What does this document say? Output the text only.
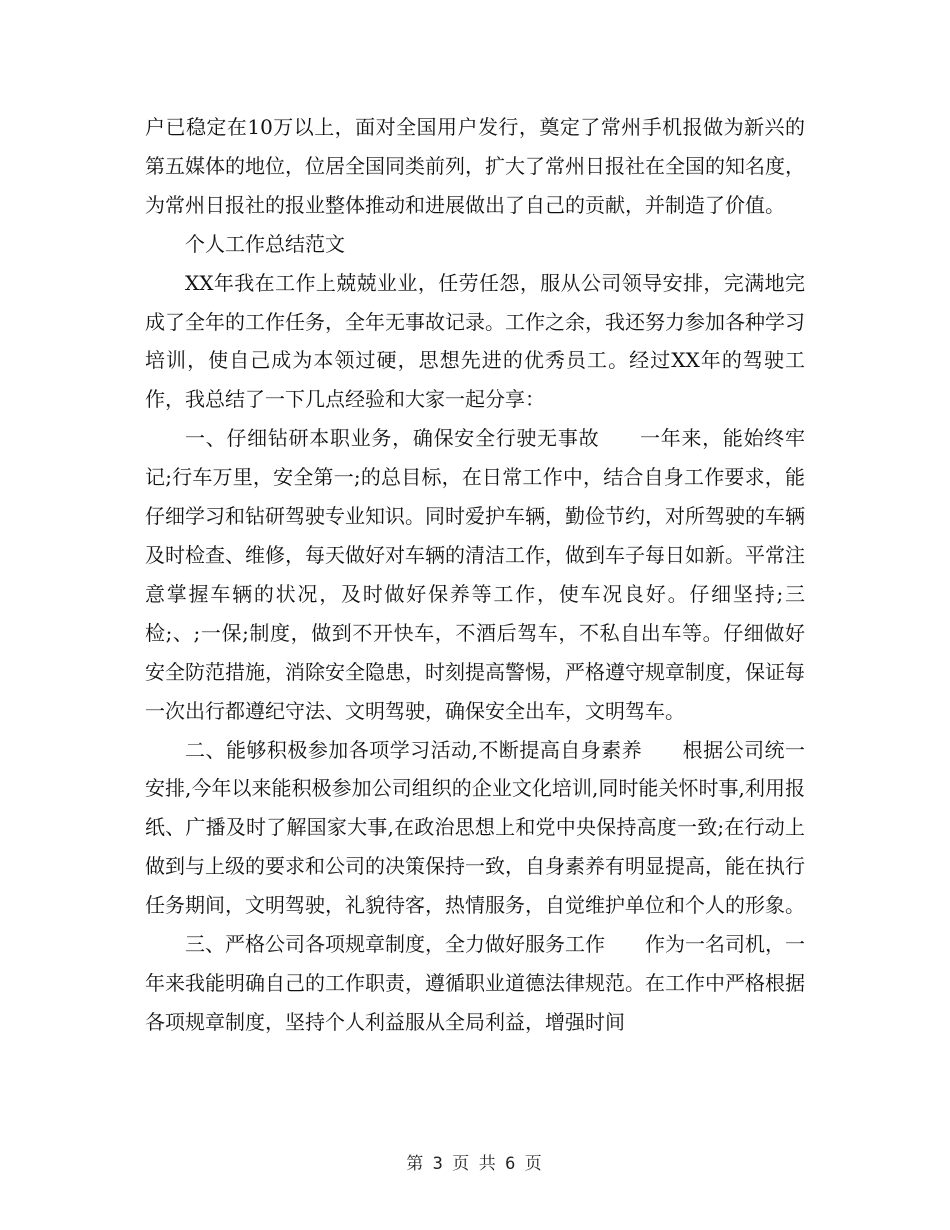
户已稳定在10万以上，面对全国用户发行，奠定了常州手机报做为新兴的第五媒体的地位，位居全国同类前列，扩大了常州日报社在全国的知名度，为常州日报社的报业整体推动和进展做出了自己的贡献，并制造了价值。

个人工作总结范文

XX年我在工作上兢兢业业，任劳任怨，服从公司领导安排，完满地完成了全年的工作任务，全年无事故记录。工作之余，我还努力参加各种学习培训，使自己成为本领过硬，思想先进的优秀员工。经过XX年的驾驶工作，我总结了一下几点经验和大家一起分享：

一、仔细钻研本职业务，确保安全行驶无事故 一年来，能始终牢记;行车万里，安全第一;的总目标，在日常工作中，结合自身工作要求，能仔细学习和钻研驾驶专业知识。同时爱护车辆，勤俭节约，对所驾驶的车辆及时检查、维修，每天做好对车辆的清洁工作，做到车子每日如新。平常注意掌握车辆的状况，及时做好保养等工作，使车况良好。仔细坚持;三检;、;一保;制度，做到不开快车，不酒后驾车，不私自出车等。仔细做好安全防范措施，消除安全隐患，时刻提高警惕，严格遵守规章制度，保证每一次出行都遵纪守法、文明驾驶，确保安全出车，文明驾车。

二、能够积极参加各项学习活动,不断提高自身素养 根据公司统一安排,今年以来能积极参加公司组织的企业文化培训,同时能关怀时事,利用报纸、广播及时了解国家大事,在政治思想上和党中央保持高度一致;在行动上做到与上级的要求和公司的决策保持一致，自身素养有明显提高，能在执行任务期间，文明驾驶，礼貌待客，热情服务，自觉维护单位和个人的形象。

三、严格公司各项规章制度，全力做好服务工作 作为一名司机，一年来我能明确自己的工作职责，遵循职业道德法律规范。在工作中严格根据各项规章制度，坚持个人利益服从全局利益，增强时间

第 3 页 共 6 页
